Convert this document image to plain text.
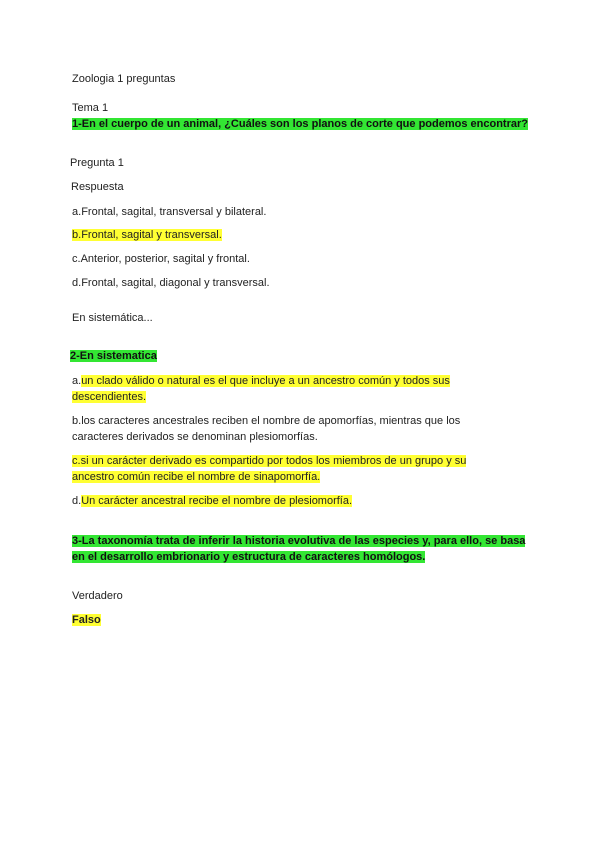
Zoologia 1 preguntas
Tema 1
1-En el cuerpo de un animal, ¿Cuáles son los planos de corte que podemos encontrar?
Pregunta 1
Respuesta
a.Frontal, sagital, transversal y bilateral.
b.Frontal, sagital y transversal.
c.Anterior, posterior, sagital y frontal.
d.Frontal, sagital, diagonal y transversal.
En sistemática...
2-En sistematica
a.un clado válido o natural es el que incluye a un ancestro común y todos sus
descendientes.
b.los caracteres ancestrales reciben el nombre de apomorfías, mientras que los
caracteres derivados se denominan plesiomorfías.
c.si un carácter derivado es compartido por todos los miembros de un grupo y su
ancestro común recibe el nombre de sinapomorfía.
d.Un carácter ancestral recibe el nombre de plesiomorfía.
3-La taxonomía trata de inferir la historia evolutiva de las especies y, para ello, se basa
en el desarrollo embrionario y estructura de caracteres homólogos.
Verdadero
Falso
